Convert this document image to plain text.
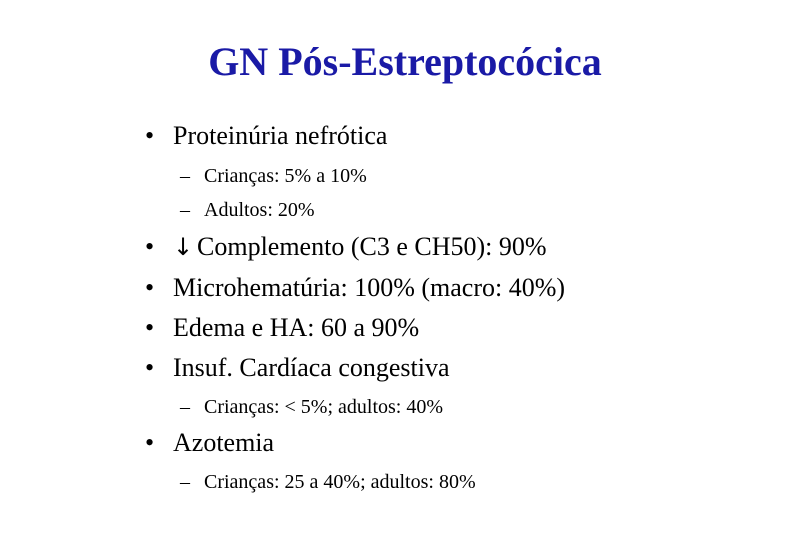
GN Pós-Estreptocócica
• Proteinúria nefrótica
– Crianças: 5% a 10%
– Adultos: 20%
• ↓ Complemento (C3 e CH50): 90%
• Microhematúria: 100% (macro: 40%)
• Edema e HA: 60 a 90%
• Insuf. Cardíaca congestiva
– Crianças: < 5%; adultos: 40%
• Azotemia
– Crianças: 25 a 40%; adultos: 80%
